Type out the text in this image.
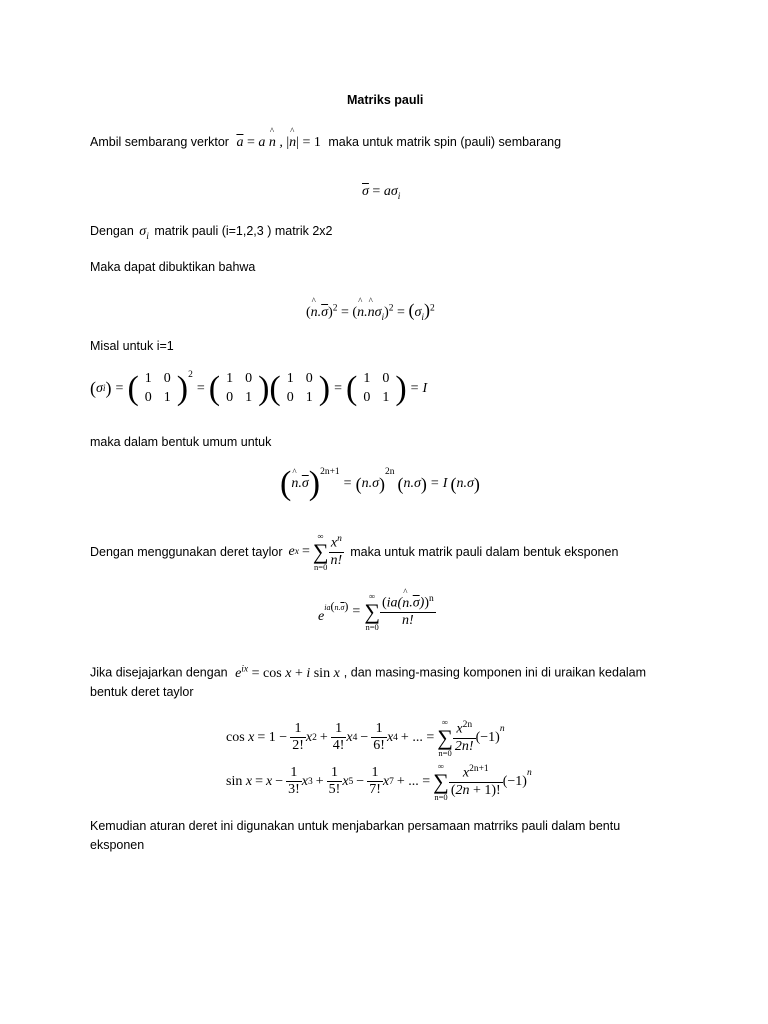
Matriks pauli
Ambil sembarang verktor $\overline{a} = a$ ^ n , |^ n| = 1 maka untuk matrik spin (pauli) sembarang
$\overline{\sigma} = a\sigma_i$
Dengan $\sigma_i$ matrik pauli (i=1,2,3 ) matrik 2x2
Maka dapat dibuktikan bahwa
(^ $n.\overline{\sigma})^2$ = (^ n.^ $n\sigma_i)^2 = (\sigma_i)^2$
Misal untuk i=1
( σ i ) = ( 1	0
0	1 )$^2$
= ( 1	0
0	1 ) ( 1	0
0	1 ) = ( 1	0
0	1 ) = I
maka dalam bentuk umum untuk
( ^ n . $\overline{\sigma}$ )$^{2n+1}$
= ( n.σ )
$^{2n}$
( n.σ ) = I ( n.σ )
Dengan menggunakan deret taylor e x =
∞
∑
$n=0 \frac{x^n}{n!}$ maka untuk matrik pauli dalam bentuk eksponen
$e^{ia(n.\overline{\sigma})}$ =
∞
∑
$n=0 \frac{(ia(\^{} n.\overline{\sigma}))^n}{n!}$
Jika disejajarkan dengan $e^{ix} = \cos x + i$ sin x , dan masing-masing komponen ini di uraikan kedalam
bentuk deret taylor
$\cos x = 1 - \frac{1}{2!}$ x $2 + \frac{1}{4!}$ x $4 - \frac{1}{6!}$ x 4 + ... =
∞
∑
$n=0 \frac{x^{2n}}{2n!} (-1)$
$^n$
$\sin x = x - \frac{1}{3!}$ x $3 + \frac{1}{5!}$ x $5 - \frac{1}{7!}$ x 7 + ... =
∞
∑
$n=0 \frac{x^{2n+1}}{(2n + 1)!} (-1)$
$^n$
Kemudian aturan deret ini digunakan untuk menjabarkan persamaan matrriks pauli dalam bentu
eksponen
